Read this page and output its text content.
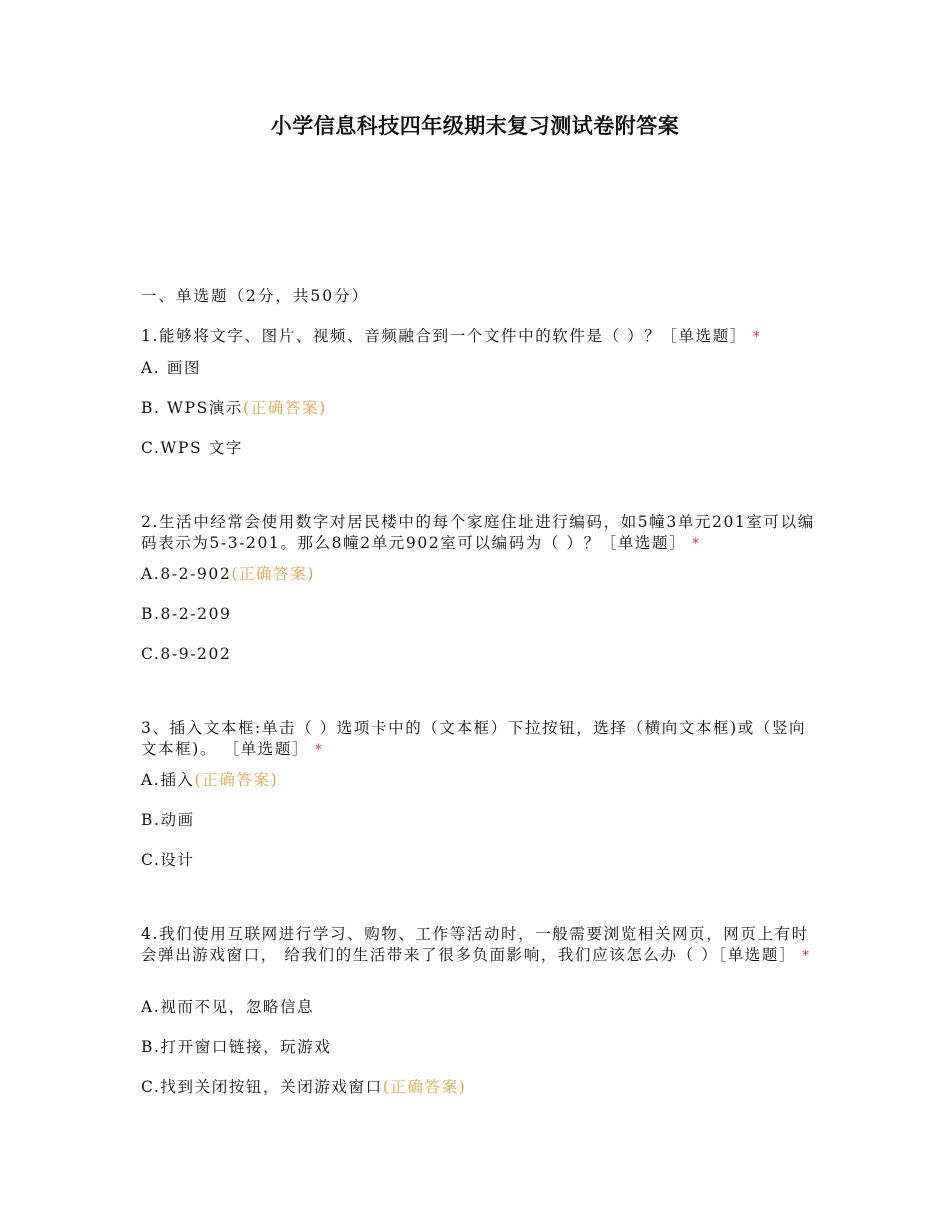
小学信息科技四年级期末复习测试卷附答案
一、单选题（2分，共50分）
1.能够将文字、图片、视频、音频融合到一个文件中的软件是（ ）？［单选题］ *
A. 画图
B. WPS演示(正确答案)
C.WPS 文字
2.生活中经常会使用数字对居民楼中的每个家庭住址进行编码，如5幢3单元201室可以编码表示为5-3-201。那么8幢2单元902室可以编码为（ ）？［单选题］ *
A.8-2-902(正确答案)
B.8-2-209
C.8-9-202
3、插入文本框:单击（ ）选项卡中的（文本框）下拉按钮，选择（横向文本框)或（竖向文本框)。 ［单选题］ *
A.插入(正确答案)
B.动画
C.设计
4.我们使用互联网进行学习、购物、工作等活动时，一般需要浏览相关网页，网页上有时会弹出游戏窗口， 给我们的生活带来了很多负面影响，我们应该怎么办（ ）［单选题］ *
A.视而不见，忽略信息
B.打开窗口链接，玩游戏
C.找到关闭按钮，关闭游戏窗口(正确答案)
